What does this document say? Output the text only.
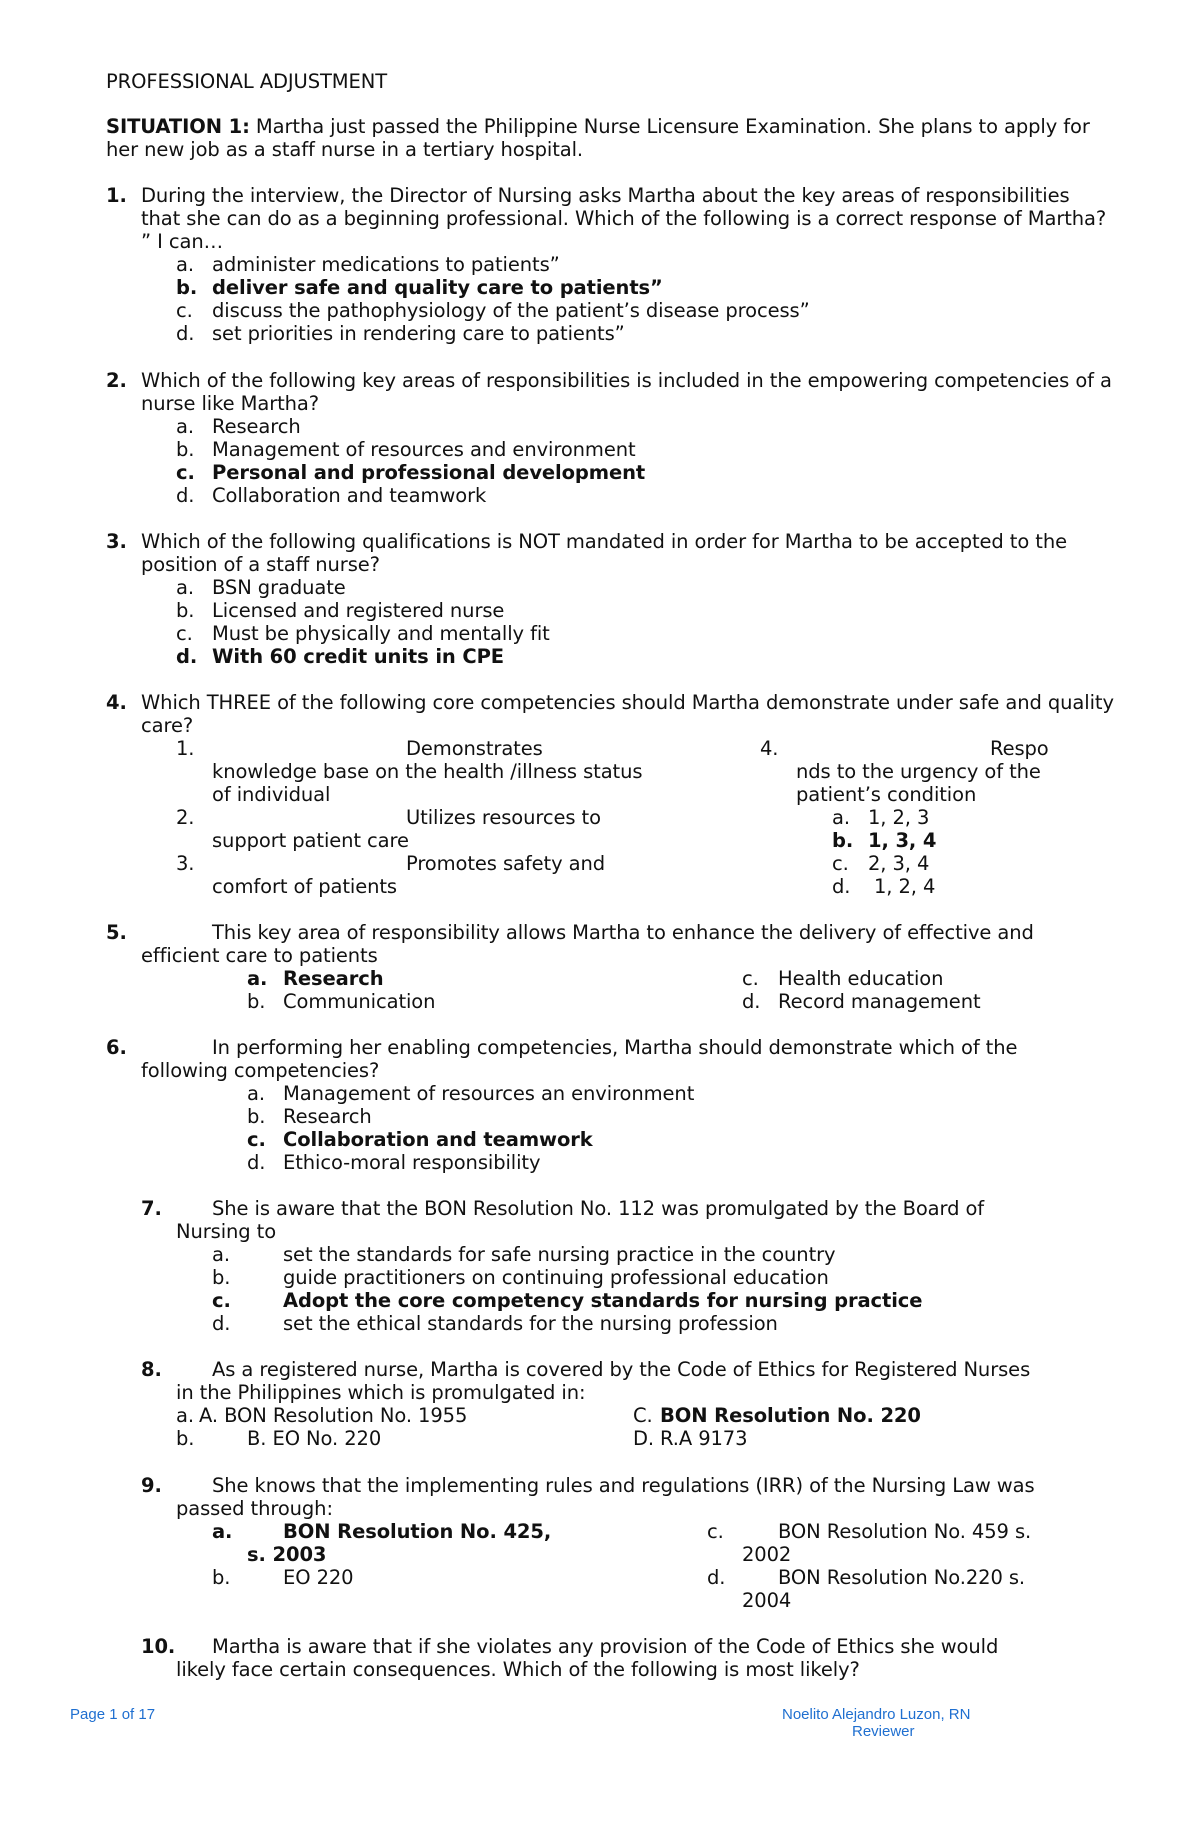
PROFESSIONAL ADJUSTMENT
SITUATION 1: Martha just passed the Philippine Nurse Licensure Examination. She plans to apply for
her new job as a staff nurse in a tertiary hospital.
1. During the interview, the Director of Nursing asks Martha about the key areas of responsibilities
that she can do as a beginning professional. Which of the following is a correct response of Martha?
” I can…
a. administer medications to patients”
b. deliver safe and quality care to patients”
c. discuss the pathophysiology of the patient’s disease process”
d. set priorities in rendering care to patients”
2. Which of the following key areas of responsibilities is included in the empowering competencies of a
nurse like Martha?
a. Research
b. Management of resources and environment
c. Personal and professional development
d. Collaboration and teamwork
3. Which of the following qualifications is NOT mandated in order for Martha to be accepted to the
position of a staff nurse?
a. BSN graduate
b. Licensed and registered nurse
c. Must be physically and mentally fit
d. With 60 credit units in CPE
4. Which THREE of the following core competencies should Martha demonstrate under safe and quality
care?
1.	Demonstrates
knowledge base on the health /illness status
of individual
2.	Utilizes resources to
support patient care
3.	Promotes safety and
comfort of patients
4.	Respo
nds to the urgency of the
patient’s condition
a. 1, 2, 3
b. 1, 3, 4
c. 2, 3, 4
d. 1, 2, 4
5.	This key area of responsibility allows Martha to enhance the delivery of effective and
efficient care to patients
a. Research
b. Communication
c. Health education
d. Record management
6.	In performing her enabling competencies, Martha should demonstrate which of the
following competencies?
a. Management of resources an environment
b. Research
c. Collaboration and teamwork
d. Ethico-moral responsibility
7.	She is aware that the BON Resolution No. 112 was promulgated by the Board of
Nursing to
a.	set the standards for safe nursing practice in the country
b.	guide practitioners on continuing professional education
c.	Adopt the core competency standards for nursing practice
d.	set the ethical standards for the nursing profession
8.	As a registered nurse, Martha is covered by the Code of Ethics for Registered Nurses
in the Philippines which is promulgated in:
a. A. BON Resolution No. 1955
b.	B. EO No. 220
C. BON Resolution No. 220
D. R.A 9173
9.	She knows that the implementing rules and regulations (IRR) of the Nursing Law was
passed through:
a.	BON Resolution No. 425,
s. 2003
b.	EO 220
c.	BON Resolution No. 459 s.
2002
d.	BON Resolution No.220 s.
2004
10. Martha is aware that if she violates any provision of the Code of Ethics she would
likely face certain consequences. Which of the following is most likely?
Page 1 of 17	Noelito Alejandro Luzon, RN
Reviewer
